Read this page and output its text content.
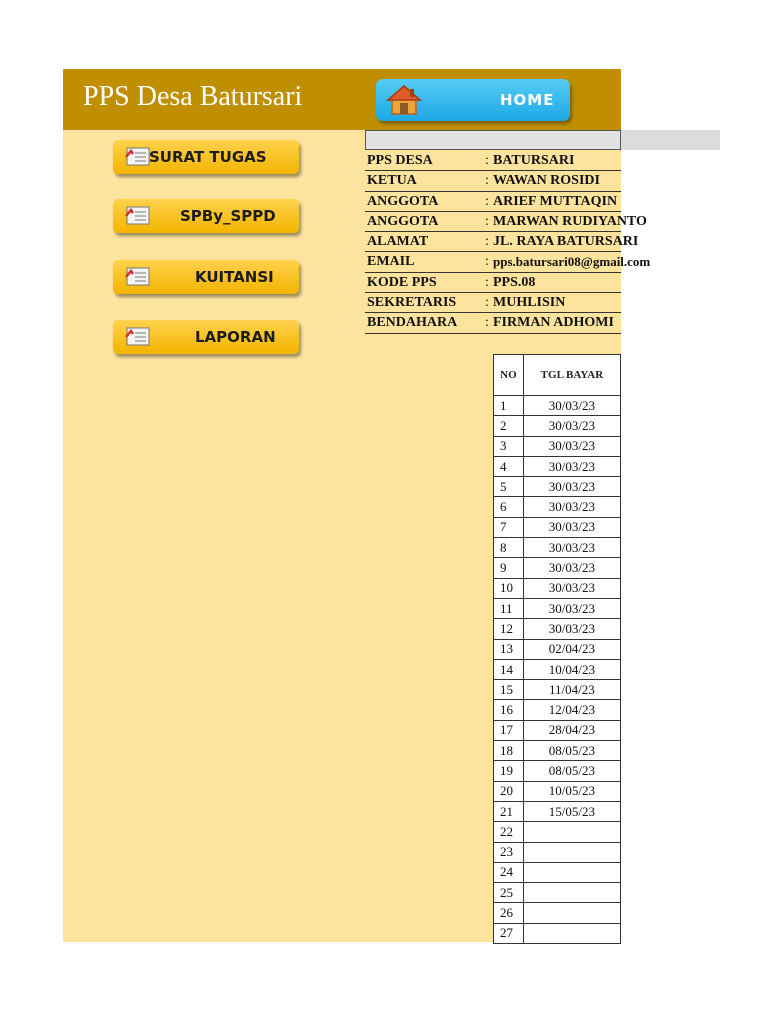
PPS Desa Batursari	HOME
SURAT TUGAS
SPBy_SPPD
KUITANSI
LAPORAN
PPS DESA	: BATURSARI
KETUA	: WAWAN ROSIDI
ANGGOTA	: ARIEF MUTTAQIN
ANGGOTA	: MARWAN RUDIYANTO
ALAMAT	: JL. RAYA BATURSARI
EMAIL	: pps.batursari08@gmail.com
KODE PPS	: PPS.08
SEKRETARIS : MUHLISIN
BENDAHARA : FIRMAN ADHOMI
NO	TGL BAYAR
1	30/03/23
2	30/03/23
3	30/03/23
4	30/03/23
5	30/03/23
6	30/03/23
7	30/03/23
8	30/03/23
9	30/03/23
10	30/03/23
11	30/03/23
12	30/03/23
13	02/04/23
14	10/04/23
15	11/04/23
16	12/04/23
17	28/04/23
18	08/05/23
19	08/05/23
20	10/05/23
21	15/05/23
22	
23	
24	
25	
26	
27	
